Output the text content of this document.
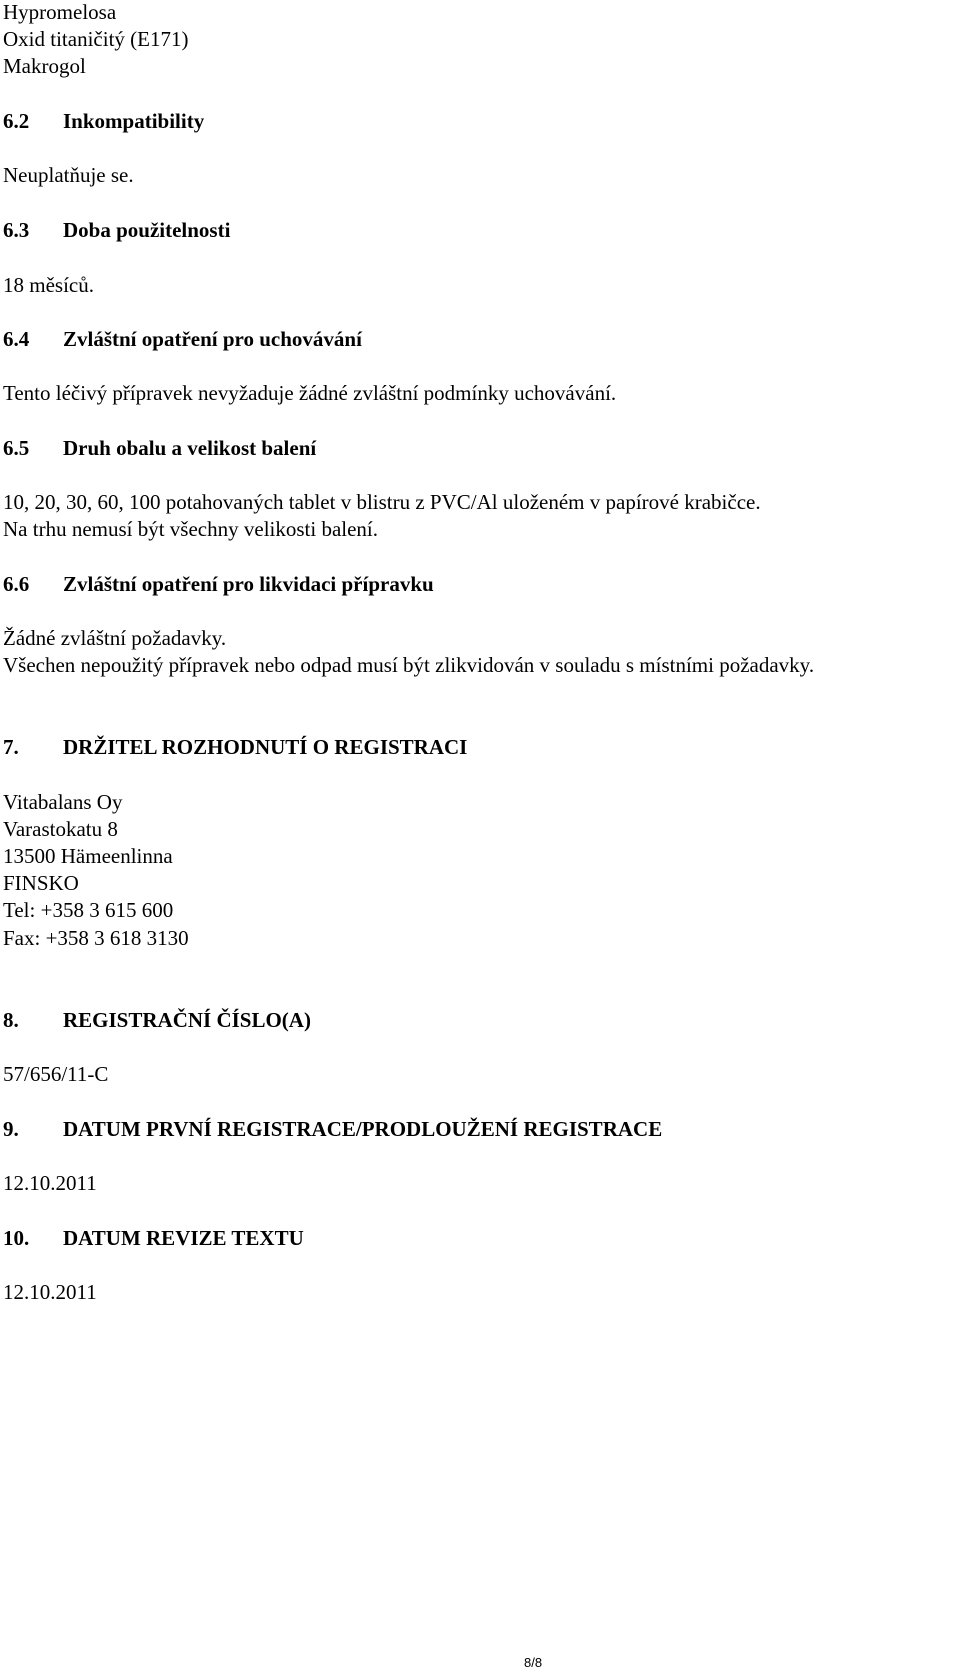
Hypromelosa
Oxid titaničitý (E171)
Makrogol
6.2 Inkompatibility
Neuplatňuje se.
6.3 Doba použitelnosti
18 měsíců.
6.4 Zvláštní opatření pro uchovávání
Tento léčivý přípravek nevyžaduje žádné zvláštní podmínky uchovávání.
6.5 Druh obalu a velikost balení
10, 20, 30, 60, 100 potahovaných tablet v blistru z PVC/Al uloženém v papírové krabičce.
Na trhu nemusí být všechny velikosti balení.
6.6 Zvláštní opatření pro likvidaci přípravku
Žádné zvláštní požadavky.
Všechen nepoužitý přípravek nebo odpad musí být zlikvidován v souladu s místními požadavky.
7. DRŽITEL ROZHODNUTÍ O REGISTRACI
Vitabalans Oy
Varastokatu 8
13500 Hämeenlinna
FINSKO
Tel: +358 3 615 600
Fax: +358 3 618 3130
8. REGISTRAČNÍ ČÍSLO(A)
57/656/11-C
9. DATUM PRVNÍ REGISTRACE/PRODLOUŽENÍ REGISTRACE
12.10.2011
10. DATUM REVIZE TEXTU
12.10.2011
8/8
